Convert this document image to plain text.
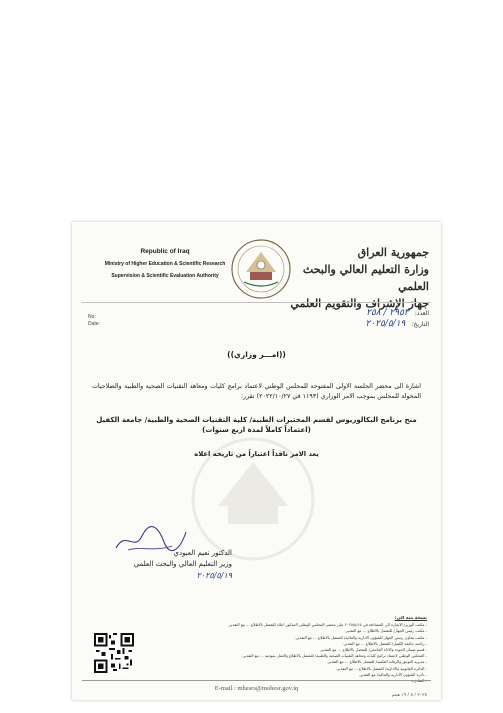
Republic of Iraq
Ministry of Higher Education & Scientific Research
Supervision & Scientific Evaluation Authority
جمهورية العراق
وزارة التعليم العالي والبحث العلمي
جهاز الإشراف والتقويم العلمي
No:
Date:
العدد:٢٩٥٣ / ٢٥٨
التاريخ:٢٠٢٥/٥/١٩
((امـــر وزاري))
اشارة الى محضر الجلسة الاولى المفتوحة للمجلس الوطني لاعتماد برامج كليات ومعاهد التقنيات الصحية والطبية والصلاحيات المخولة للمجلس بموجب الامر الوزاري (١١٩٣ في ٢٠٢٢/١٠/٢٧) تقرر:
منح برنامج البكالوريوس لقسم المختبرات الطبية/ كلية التقنيات الصحية والطبية/ جامعة الكفيل
(اعتماداً كاملاً لمدة اربع سنوات)
يعد الامر نافذاً اعتباراً من تاريخه اعلاه
الدكتور نعيم العبودي
وزير التعليم العالي والبحث العلمي
٢٠٢٥/٥/١٩
نسخة منه الى:
- مكتب الوزير/ الاشارة الى المصادقة في ٢٠٢٥/٥/١٥ على محضر المجلس الوطني المذكور اعلاه للتفضل بالاطلاع ... مع التقدير.
- مكتب رئيس الجهاز/ للتفضل بالاطلاع ... مع التقدير.
- مكتب معاون رئيس الجهاز للشؤون الادارية والمالية/ للتفضل بالاطلاع ... مع التقدير.
- رئاسة جامعة الكفيل/ للتفضل بالاطلاع ... مع التقدير.
- قسم ضمان الجودة والاداء الجامعي/ للتفضل بالاطلاع ... مع التقدير.
- المجلس الوطني لاعتماد برامج كليات ومعاهد التقنيات الصحية والطبية/ للتفضل بالاطلاع والعمل بموجبه ... مع التقدير.
- مديرية التوثيق والرقابة العلمية/ للتفضل بالاطلاع ... مع التقدير.
- الدائرة القانونية والادارية/ للتفضل بالاطلاع ... مع التقدير.
- دائرة الشؤون الادارية والمالية/ مع التقدير.
- الصادرة.
E-mail : mhesrs@mohesr.gov.iq
٢٠٢٥ / ٥ / ١٩ هيثم
